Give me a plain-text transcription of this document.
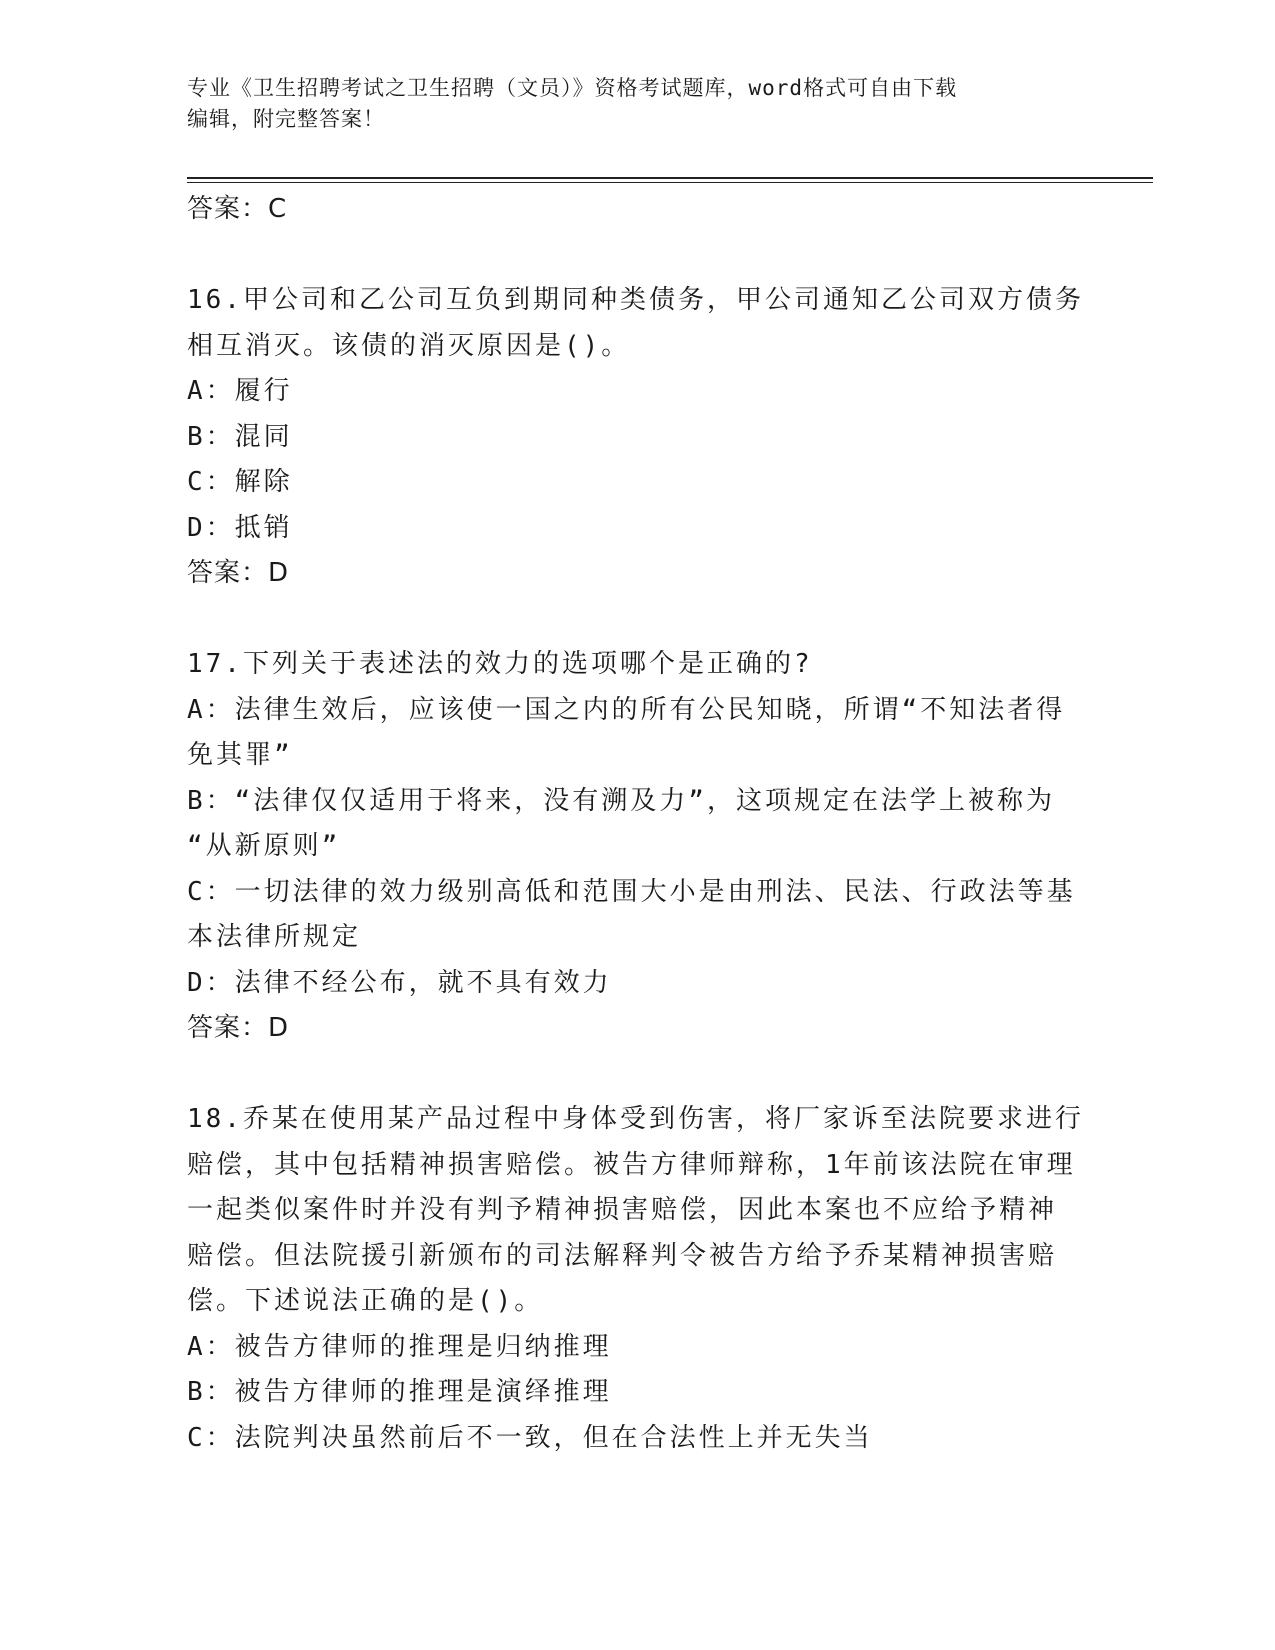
专业《卫生招聘考试之卫生招聘（文员）》资格考试题库，word格式可自由下载
编辑，附完整答案！
答案：C
16.甲公司和乙公司互负到期同种类债务，甲公司通知乙公司双方债务
相互消灭。该债的消灭原因是()。
A：履行
B：混同
C：解除
D：抵销
答案：D
17.下列关于表述法的效力的选项哪个是正确的?
A：法律生效后，应该使一国之内的所有公民知晓，所谓“不知法者得
免其罪”
B：“法律仅仅适用于将来，没有溯及力”，这项规定在法学上被称为
“从新原则”
C：一切法律的效力级别高低和范围大小是由刑法、民法、行政法等基
本法律所规定
D：法律不经公布，就不具有效力
答案：D
18.乔某在使用某产品过程中身体受到伤害，将厂家诉至法院要求进行
赔偿，其中包括精神损害赔偿。被告方律师辩称，1年前该法院在审理
一起类似案件时并没有判予精神损害赔偿，因此本案也不应给予精神
赔偿。但法院援引新颁布的司法解释判令被告方给予乔某精神损害赔
偿。下述说法正确的是()。
A：被告方律师的推理是归纳推理
B：被告方律师的推理是演绎推理
C：法院判决虽然前后不一致，但在合法性上并无失当
